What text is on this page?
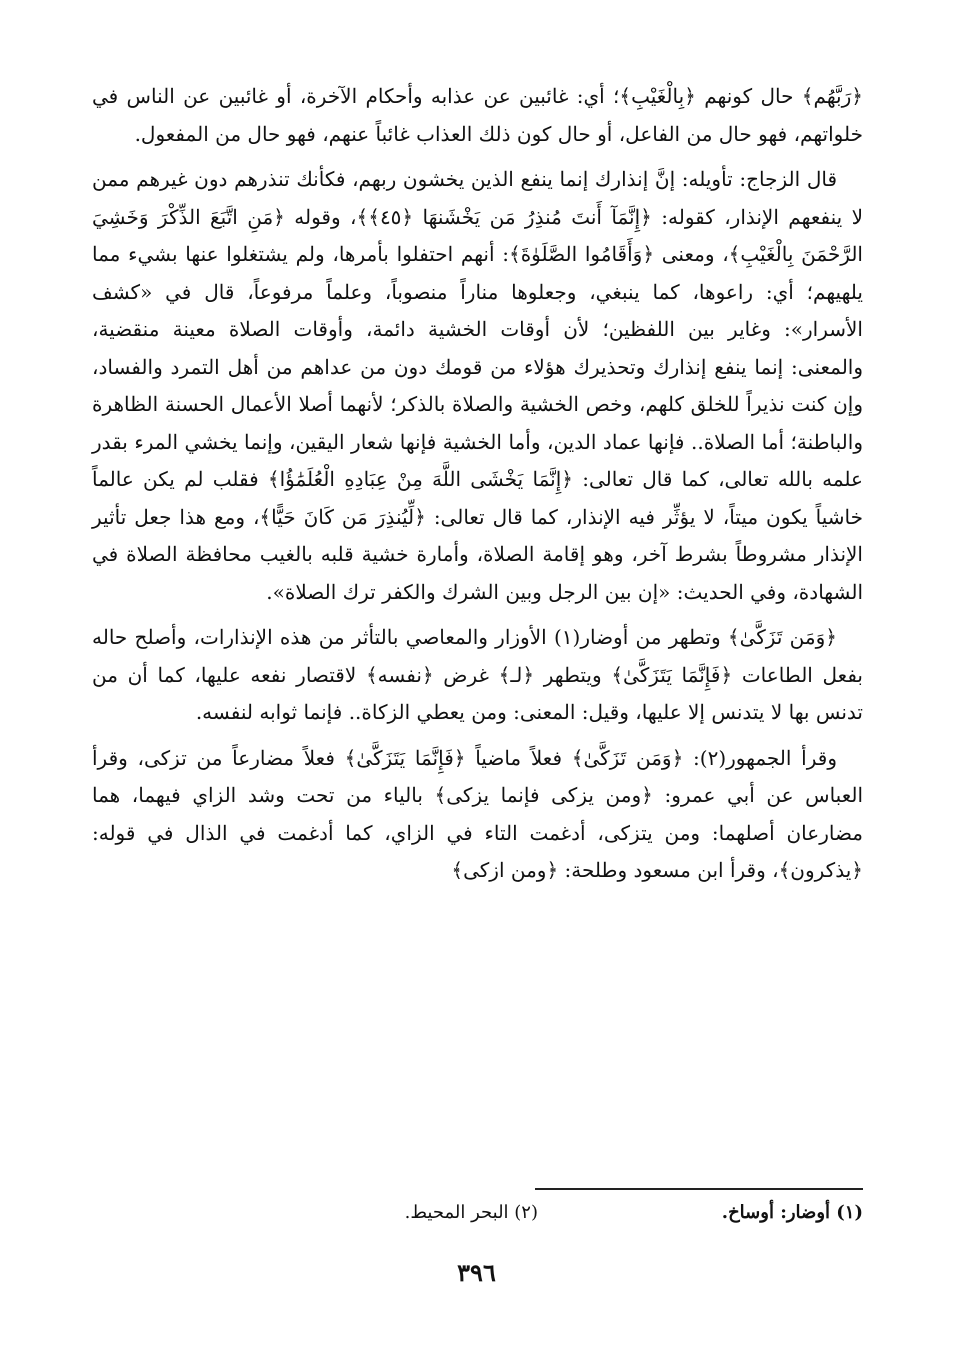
﴿رَبَّهُم﴾ حال كونهم ﴿بِالْغَيْبِ﴾؛ أي: غائبين عن عذابه وأحكام الآخرة، أو غائبين عن الناس في خلواتهم، فهو حال من الفاعل، أو حال كون ذلك العذاب غائباً عنهم، فهو حال من المفعول.

قال الزجاج: تأويله: إنَّ إنذارك إنما ينفع الذين يخشون ربهم، فكأنك تنذرهم دون غيرهم ممن لا ينفعهم الإنذار، كقوله: ﴿إِنَّمَآ أَنتَ مُنذِرُ مَن يَخْشَنهَا ﴿٤٥﴾﴾، وقوله ﴿مَنِ اتَّبَعَ الذِّكْرَ وَخَشِيَ الرَّحْمَنَ بِالْغَيْبِ﴾، ومعنى ﴿وَأَقَامُوا الصَّلَوٰةَ﴾: أنهم احتفلوا بأمرها، ولم يشتغلوا عنها بشيء مما يلهيهم؛ أي: راعوها، كما ينبغي، وجعلوها مناراً منصوباً، وعلماً مرفوعاً، قال في «كشف الأسرار»: وغاير بين اللفظين؛ لأن أوقات الخشية دائمة، وأوقات الصلاة معينة منقضية، والمعنى: إنما ينفع إنذارك وتحذيرك هؤلاء من قومك دون من عداهم من أهل التمرد والفساد، وإن كنت نذيراً للخلق كلهم، وخص الخشية والصلاة بالذكر؛ لأنهما أصلا الأعمال الحسنة الظاهرة والباطنة؛ أما الصلاة.. فإنها عماد الدين، وأما الخشية فإنها شعار اليقين، وإنما يخشي المرء بقدر علمه بالله تعالى، كما قال تعالى: ﴿إِنَّمَا يَخْشَى اللَّهَ مِنْ عِبَادِهِ الْعُلَمَٰؤُا﴾ فقلب لم يكن عالماً خاشياً يكون ميتاً، لا يؤثِّر فيه الإنذار، كما قال تعالى: ﴿لِّيُنذِرَ مَن كَانَ حَيًّا﴾، ومع هذا جعل تأثير الإنذار مشروطاً بشرط آخر، وهو إقامة الصلاة، وأمارة خشية قلبه بالغيب محافظة الصلاة في الشهادة، وفي الحديث: «إن بين الرجل وبين الشرك والكفر ترك الصلاة».

﴿وَمَن تَزَكَّىٰ﴾ وتطهر من أوضار(١) الأوزار والمعاصي بالتأثر من هذه الإنذارات، وأصلح حاله بفعل الطاعات ﴿فَإِنَّمَا يَتَزَكَّىٰ﴾ ويتطهر ﴿لـ﴾ غرض ﴿نفسه﴾ لاقتصار نفعه عليها، كما أن من تدنس بها لا يتدنس إلا عليها، وقيل: المعنى: ومن يعطي الزكاة.. فإنما ثوابه لنفسه.

وقرأ الجمهور(٢): ﴿وَمَن تَزَكَّىٰ﴾ فعلاً ماضياً ﴿فَإِنَّمَا يَتَزَكَّىٰ﴾ فعلاً مضارعاً من تزكى، وقرأ العباس عن أبي عمرو: ﴿ومن يزكى فإنما يزكى﴾ بالياء من تحت وشد الزاي فيهما، هما مضارعان أصلهما: ومن يتزكى، أدغمت التاء في الزاي، كما أدغمت في الذال في قوله: ﴿يذكرون﴾، وقرأ ابن مسعود وطلحة: ﴿ومن ازكى﴾

(١) أوضار: أوساخ.
(٢) البحر المحيط.
٣٩٦
